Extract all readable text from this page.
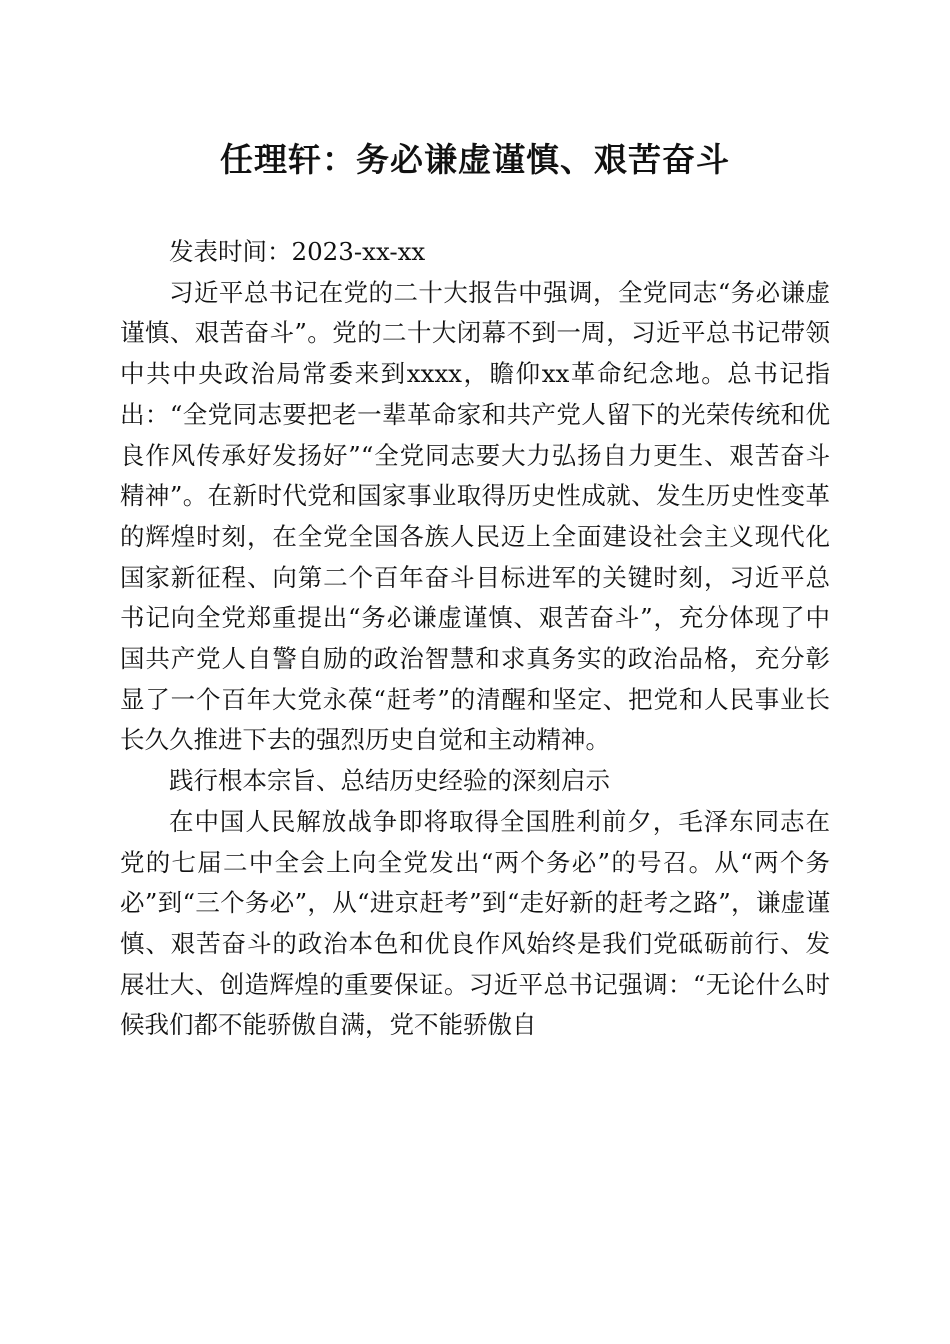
任理轩：务必谦虚谨慎、艰苦奋斗

发表时间：2023-xx-xx

习近平总书记在党的二十大报告中强调，全党同志“务必谦虚谨慎、艰苦奋斗”。党的二十大闭幕不到一周，习近平总书记带领中共中央政治局常委来到xxxx，瞻仰xx革命纪念地。总书记指出：“全党同志要把老一辈革命家和共产党人留下的光荣传统和优良作风传承好发扬好”“全党同志要大力弘扬自力更生、艰苦奋斗精神”。在新时代党和国家事业取得历史性成就、发生历史性变革的辉煌时刻，在全党全国各族人民迈上全面建设社会主义现代化国家新征程、向第二个百年奋斗目标进军的关键时刻，习近平总书记向全党郑重提出“务必谦虚谨慎、艰苦奋斗”，充分体现了中国共产党人自警自励的政治智慧和求真务实的政治品格，充分彰显了一个百年大党永葆“赶考”的清醒和坚定、把党和人民事业长长久久推进下去的强烈历史自觉和主动精神。

践行根本宗旨、总结历史经验的深刻启示

在中国人民解放战争即将取得全国胜利前夕，毛泽东同志在党的七届二中全会上向全党发出“两个务必”的号召。从“两个务必”到“三个务必”，从“进京赶考”到“走好新的赶考之路”，谦虚谨慎、艰苦奋斗的政治本色和优良作风始终是我们党砥砺前行、发展壮大、创造辉煌的重要保证。习近平总书记强调：“无论什么时候我们都不能骄傲自满，党不能骄傲自
